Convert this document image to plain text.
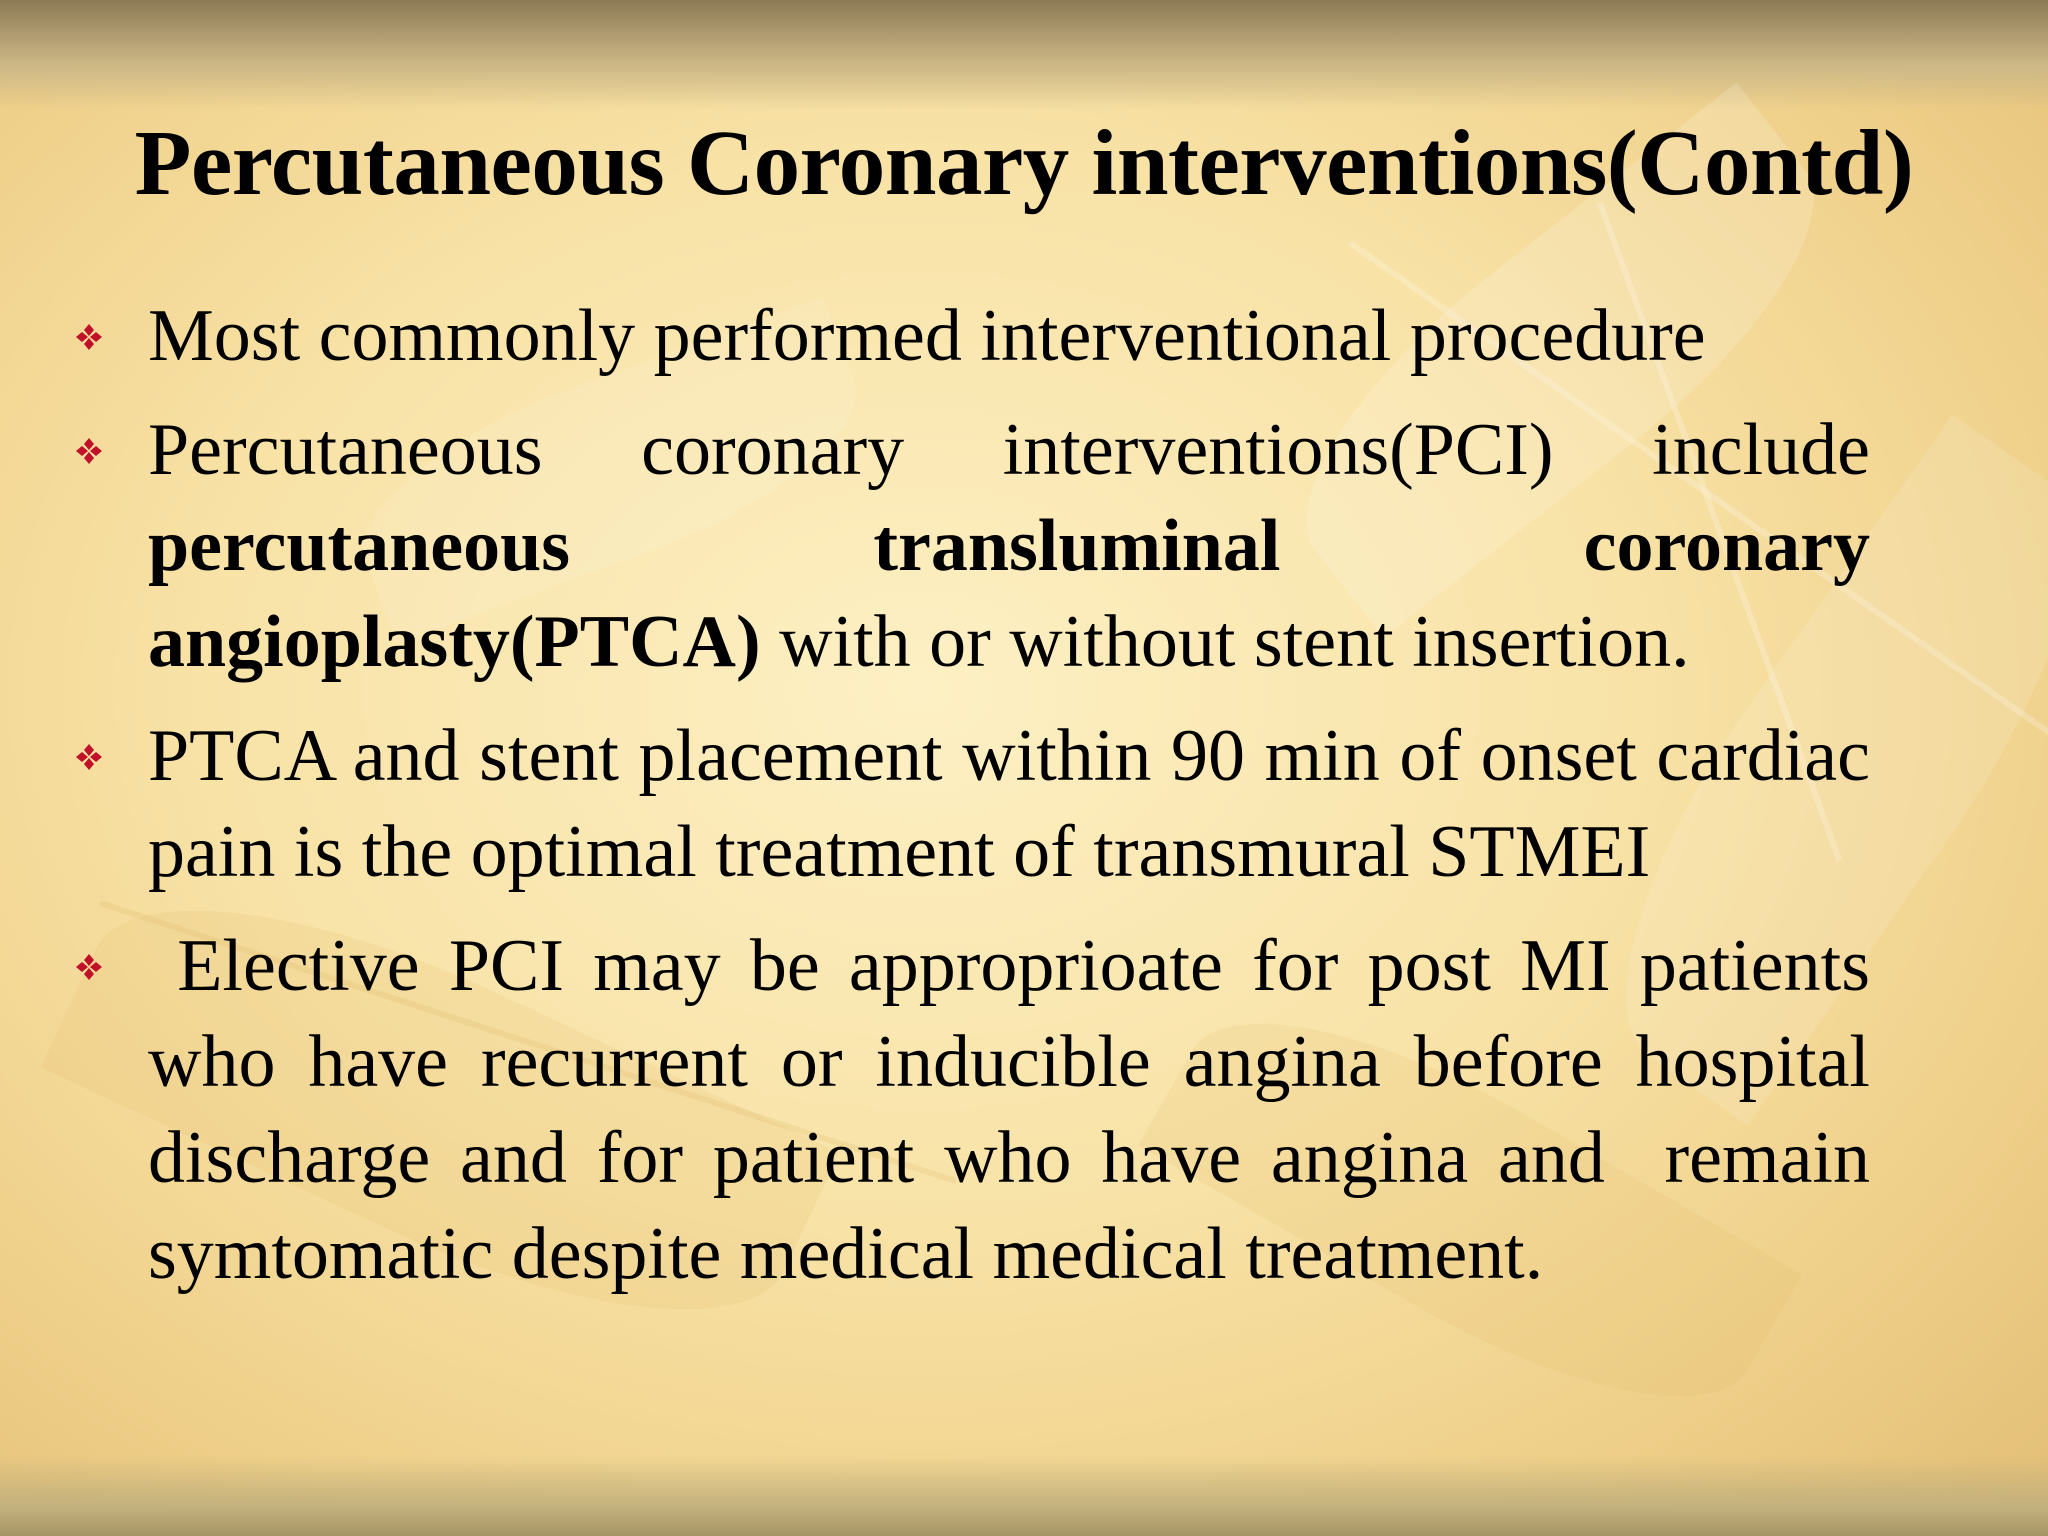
Percutaneous Coronary interventions(Contd)
Most commonly performed interventional procedure
Percutaneous coronary interventions(PCI) include percutaneous transluminal coronary angioplasty(PTCA) with or without stent insertion.
PTCA and stent placement within 90 min of onset cardiac pain is the optimal treatment of transmural STMEI
Elective PCI may be approprioate for post MI patients who have recurrent or inducible angina before hospital discharge and for patient who have angina and  remain symtomatic despite medical medical treatment.
